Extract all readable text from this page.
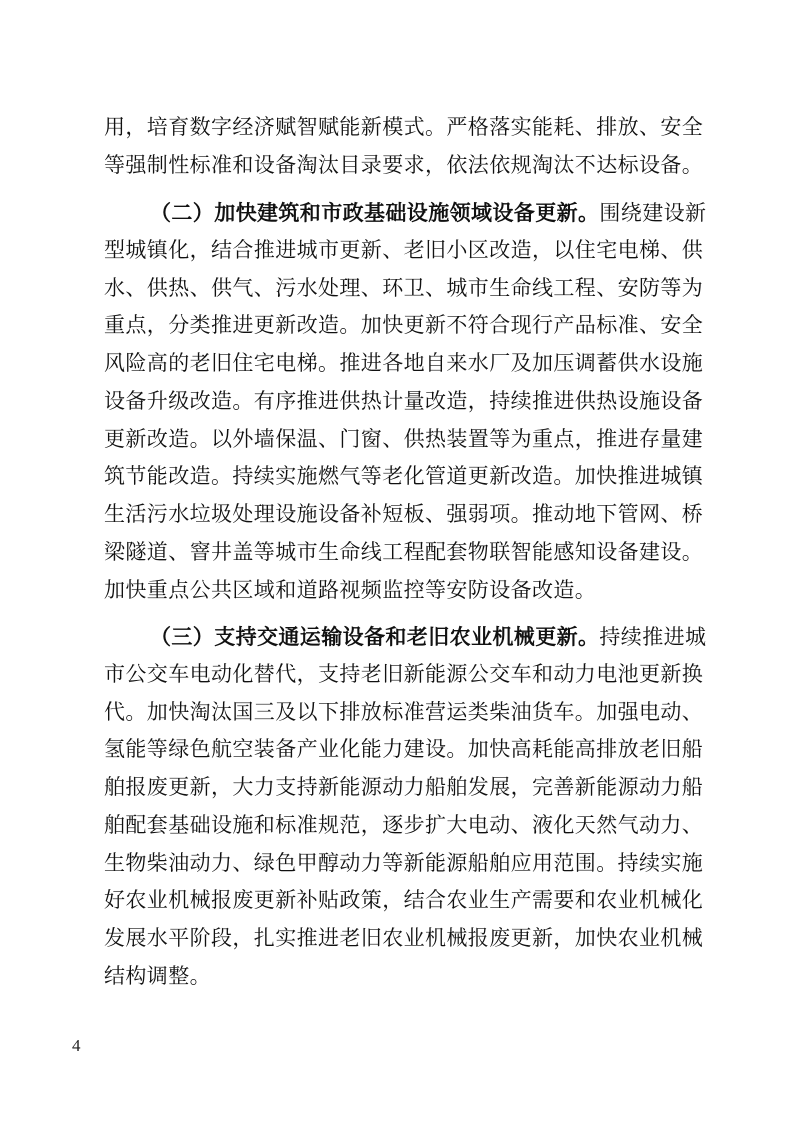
用，培育数字经济赋智赋能新模式。严格落实能耗、排放、安全
等强制性标准和设备淘汰目录要求，依法依规淘汰不达标设备。
（二）加快建筑和市政基础设施领域设备更新。围绕建设新
型城镇化，结合推进城市更新、老旧小区改造，以住宅电梯、供
水、供热、供气、污水处理、环卫、城市生命线工程、安防等为
重点，分类推进更新改造。加快更新不符合现行产品标准、安全
风险高的老旧住宅电梯。推进各地自来水厂及加压调蓄供水设施
设备升级改造。有序推进供热计量改造，持续推进供热设施设备
更新改造。以外墙保温、门窗、供热装置等为重点，推进存量建
筑节能改造。持续实施燃气等老化管道更新改造。加快推进城镇
生活污水垃圾处理设施设备补短板、强弱项。推动地下管网、桥
梁隧道、窨井盖等城市生命线工程配套物联智能感知设备建设。
加快重点公共区域和道路视频监控等安防设备改造。
（三）支持交通运输设备和老旧农业机械更新。持续推进城
市公交车电动化替代，支持老旧新能源公交车和动力电池更新换
代。加快淘汰国三及以下排放标准营运类柴油货车。加强电动、
氢能等绿色航空装备产业化能力建设。加快高耗能高排放老旧船
舶报废更新，大力支持新能源动力船舶发展，完善新能源动力船
舶配套基础设施和标准规范，逐步扩大电动、液化天然气动力、
生物柴油动力、绿色甲醇动力等新能源船舶应用范围。持续实施
好农业机械报废更新补贴政策，结合农业生产需要和农业机械化
发展水平阶段，扎实推进老旧农业机械报废更新，加快农业机械
结构调整。
4
